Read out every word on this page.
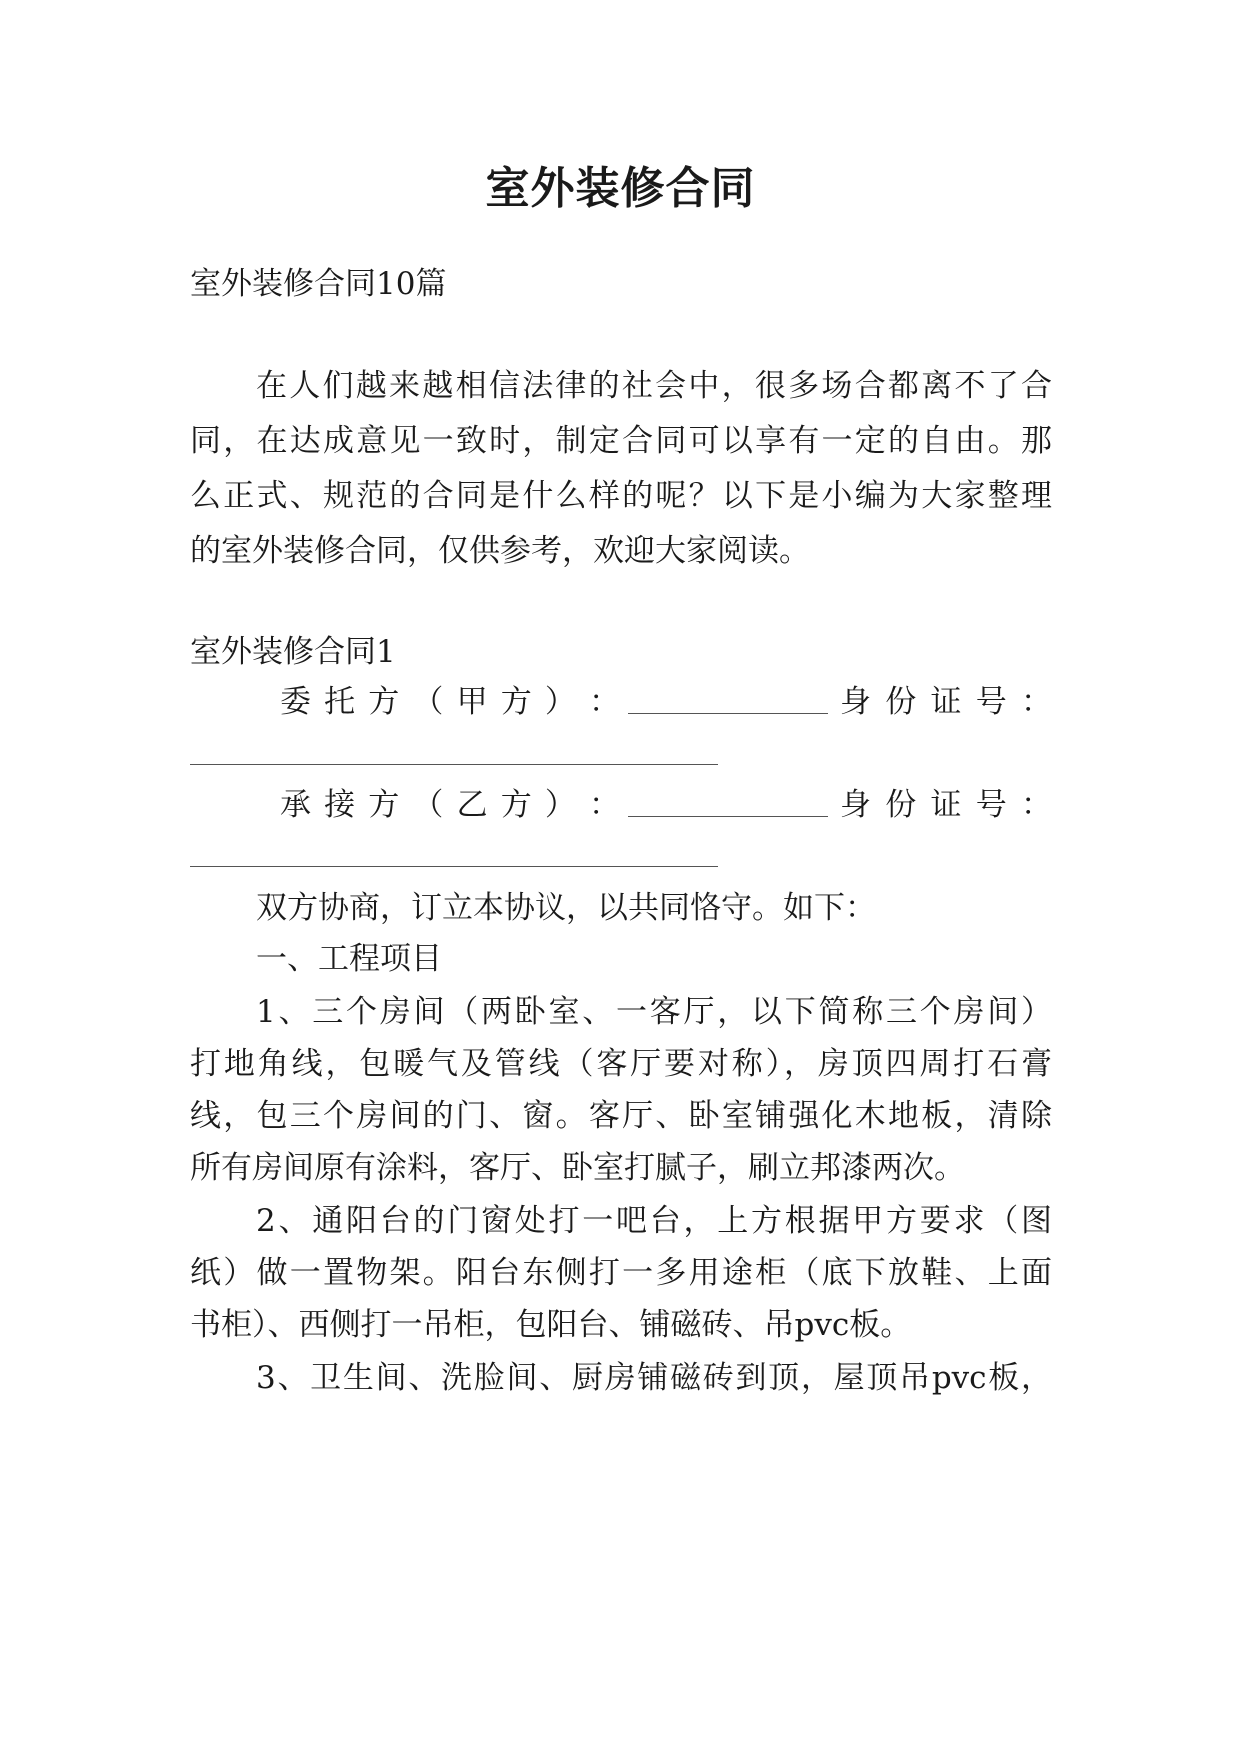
室外装修合同
室外装修合同10篇
在人们越来越相信法律的社会中，很多场合都离不了合
同，在达成意见一致时，制定合同可以享有一定的自由。那
么正式、规范的合同是什么样的呢？以下是小编为大家整理
的室外装修合同，仅供参考，欢迎大家阅读。
室外装修合同1
委 托 方 （ 甲 方 ） ：	身 份 证 号 ：
承 接 方 （ 乙 方 ） ：	身 份 证 号 ：
双方协商，订立本协议，以共同恪守。如下：
一、工程项目
1、三个房间（两卧室、一客厅，以下简称三个房间）
打地角线，包暖气及管线（客厅要对称），房顶四周打石膏
线，包三个房间的门、窗。客厅、卧室铺强化木地板，清除
所有房间原有涂料，客厅、卧室打腻子，刷立邦漆两次。
2、通阳台的门窗处打一吧台，上方根据甲方要求（图
纸）做一置物架。阳台东侧打一多用途柜（底下放鞋、上面
书柜）、西侧打一吊柜，包阳台、铺磁砖、吊pvc板。
3、卫生间、洗脸间、厨房铺磁砖到顶，屋顶吊pvc板，
